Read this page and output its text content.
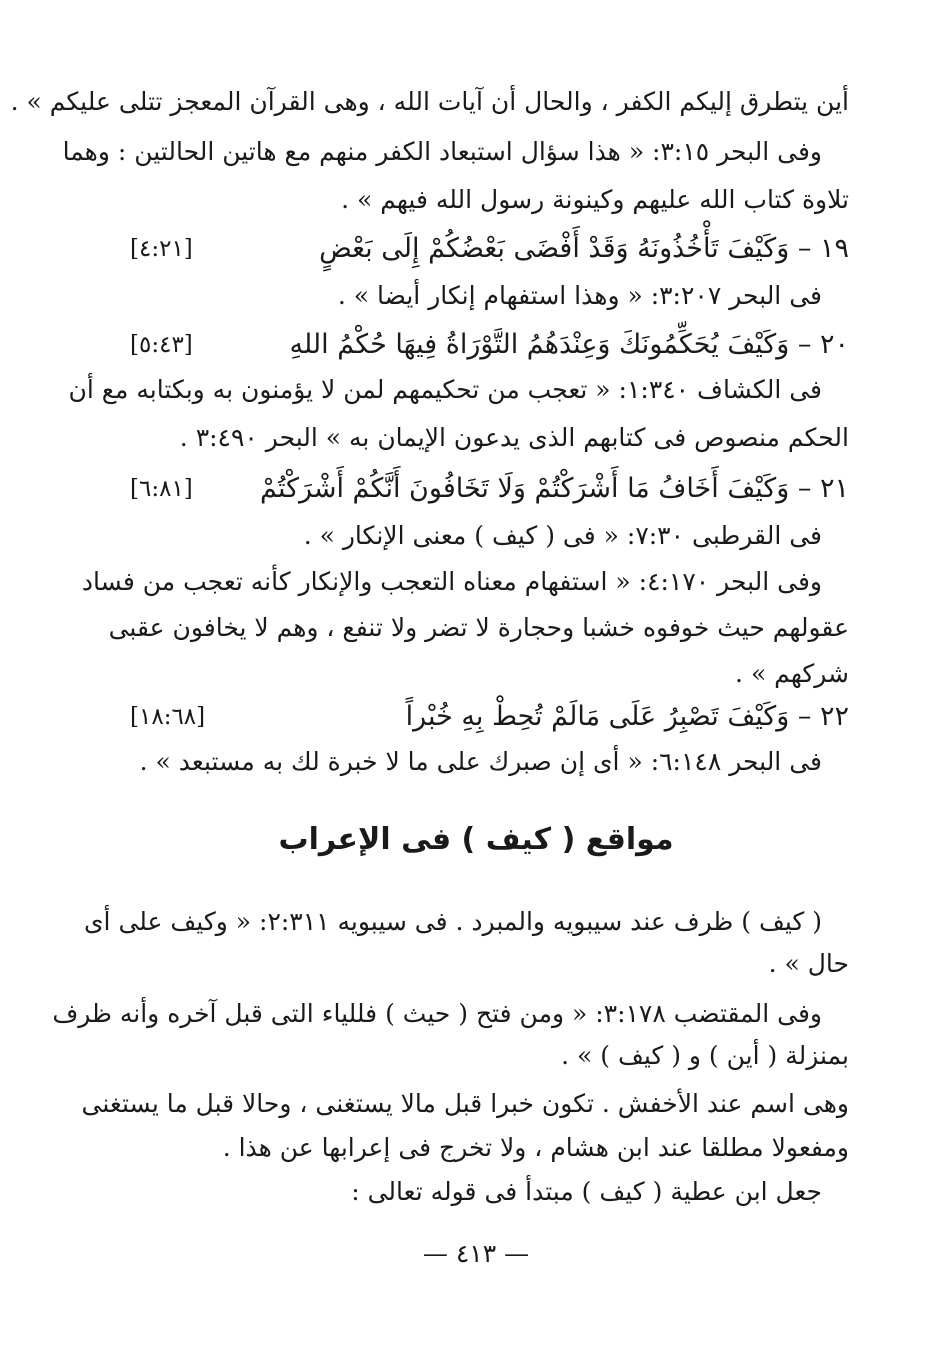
أين يتطرق إليكم الكفر ، والحال أن آيات الله ، وهى القرآن المعجز تتلى عليكم » .
وفى البحر ٣:١٥: « هذا سؤال استبعاد الكفر منهم مع هاتين الحالتين : وهما
تلاوة كتاب الله عليهم وكينونة رسول الله فيهم » .
١٩ – وَكَيْفَ تَأْخُذُونَهُ وَقَدْ أَفْضَى بَعْضُكُمْ إِلَى بَعْضٍ
[٤:٢١]
فى البحر ٣:٢٠٧: « وهذا استفهام إنكار أيضا » .
٢٠ – وَكَيْفَ يُحَكِّمُونَكَ وَعِنْدَهُمُ التَّوْرَاةُ فِيهَا حُكْمُ اللهِ
[٥:٤٣]
فى الكشاف ١:٣٤٠: « تعجب من تحكيمهم لمن لا يؤمنون به وبكتابه مع أن
الحكم منصوص فى كتابهم الذى يدعون الإيمان به » البحر ٣:٤٩٠ .
٢١ – وَكَيْفَ أَخَافُ مَا أَشْرَكْتُمْ وَلَا تَخَافُونَ أَنَّكُمْ أَشْرَكْتُمْ
[٦:٨١]
فى القرطبى ٧:٣٠: « فى ( كيف ) معنى الإنكار » .
وفى البحر ٤:١٧٠: « استفهام معناه التعجب والإنكار كأنه تعجب من فساد
عقولهم حيث خوفوه خشبا وحجارة لا تضر ولا تنفع ، وهم لا يخافون عقبى
شركهم » .
٢٢ – وَكَيْفَ تَصْبِرُ عَلَى مَالَمْ تُحِطْ بِهِ خُبْراً
[١٨:٦٨]
فى البحر ٦:١٤٨: « أى إن صبرك على ما لا خبرة لك به مستبعد » .
مواقع ( كيف ) فى الإعراب
( كيف ) ظرف عند سيبويه والمبرد . فى سيبويه ٢:٣١١: « وكيف على أى
حال » .
وفى المقتضب ٣:١٧٨: « ومن فتح ( حيث ) فللياء التى قبل آخره وأنه ظرف
بمنزلة ( أين ) و ( كيف ) » .
وهى اسم عند الأخفش . تكون خبرا قبل مالا يستغنى ، وحالا قبل ما يستغنى
ومفعولا مطلقا عند ابن هشام ، ولا تخرج فى إعرابها عن هذا .
جعل ابن عطية ( كيف ) مبتدأ فى قوله تعالى :
— ٤١٣ —
